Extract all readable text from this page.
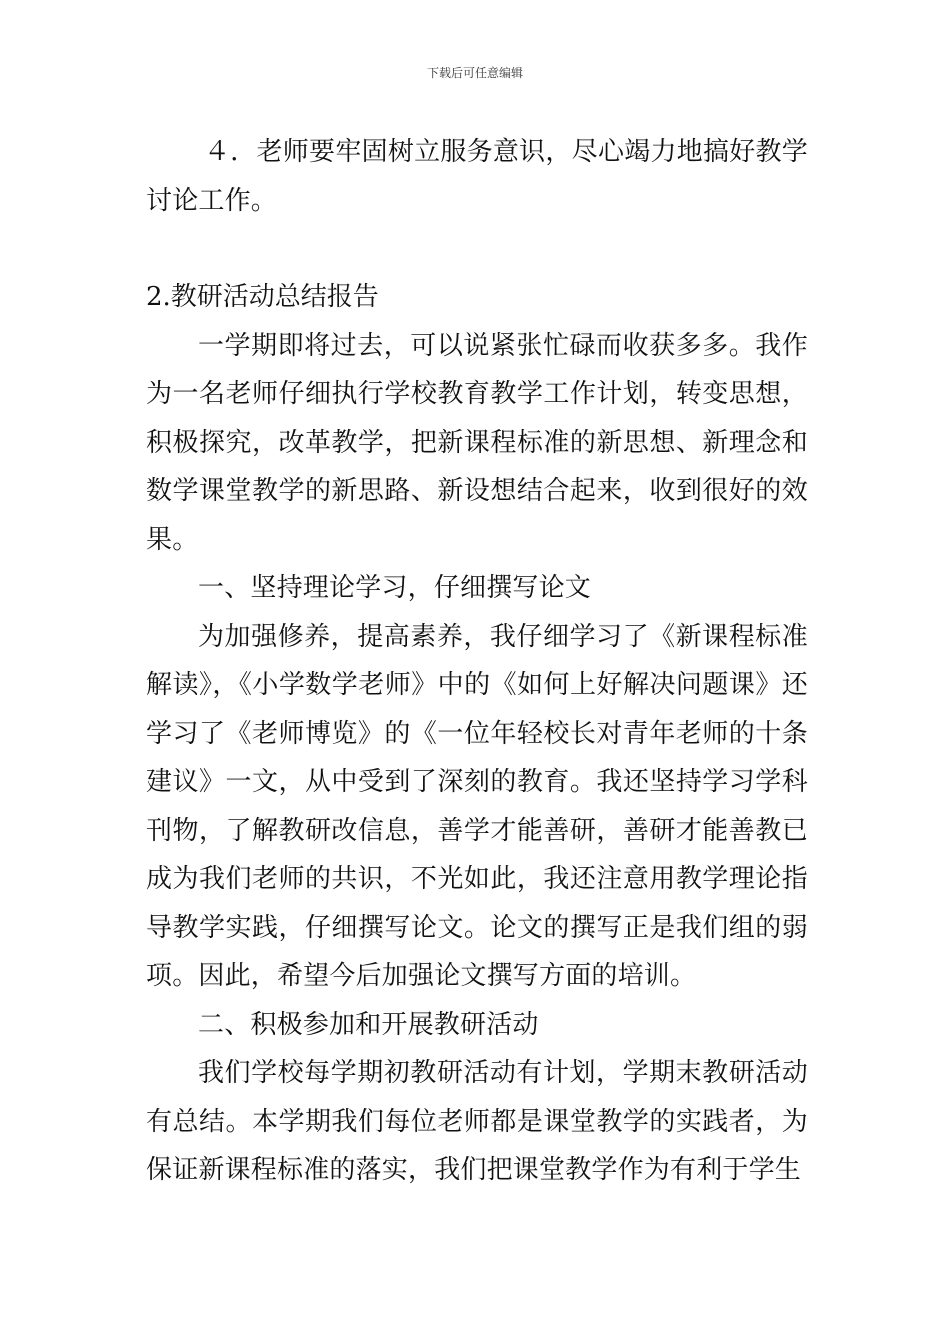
下载后可任意编辑

４．老师要牢固树立服务意识，尽心竭力地搞好教学讨论工作。

2.教研活动总结报告

一学期即将过去，可以说紧张忙碌而收获多多。我作为一名老师仔细执行学校教育教学工作计划，转变思想，积极探究，改革教学，把新课程标准的新思想、新理念和数学课堂教学的新思路、新设想结合起来，收到很好的效果。

一、坚持理论学习，仔细撰写论文

为加强修养，提高素养，我仔细学习了《新课程标准解读》，《小学数学老师》中的《如何上好解决问题课》还学习了《老师博览》的《一位年轻校长对青年老师的十条建议》一文，从中受到了深刻的教育。我还坚持学习学科刊物，了解教研改信息，善学才能善研，善研才能善教已成为我们老师的共识，不光如此，我还注意用教学理论指导教学实践，仔细撰写论文。论文的撰写正是我们组的弱项。因此，希望今后加强论文撰写方面的培训。

二、积极参加和开展教研活动

我们学校每学期初教研活动有计划，学期末教研活动有总结。本学期我们每位老师都是课堂教学的实践者，为保证新课程标准的落实，我们把课堂教学作为有利于学生
